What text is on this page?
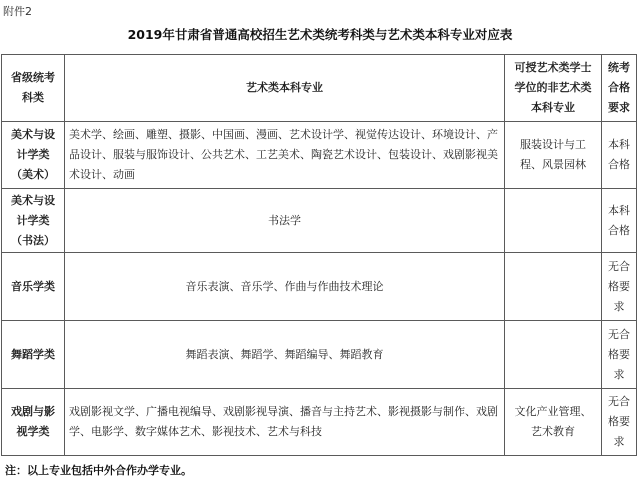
附件2
2019年甘肃省普通高校招生艺术类统考科类与艺术类本科专业对应表
省级统考科类	艺术类本科专业	可授艺术类学士学位的非艺术类本科专业	统考合格要求

美术与设计学类（美术）	美术学、绘画、雕塑、摄影、中国画、漫画、艺术设计学、视觉传达设计、环境设计、产品设计、服装与服饰设计、公共艺术、工艺美术、陶瓷艺术设计、包装设计、戏剧影视美术设计、动画	服装设计与工程、风景园林	本科合格

美术与设计学类（书法）	书法学		本科合格

音乐学类	音乐表演、音乐学、作曲与作曲技术理论		无合格要求

舞蹈学类	舞蹈表演、舞蹈学、舞蹈编导、舞蹈教育		无合格要求

戏剧与影视学类	戏剧影视文学、广播电视编导、戏剧影视导演、播音与主持艺术、影视摄影与制作、戏剧学、电影学、数字媒体艺术、影视技术、艺术与科技	文化产业管理、艺术教育	无合格要求
注：以上专业包括中外合作办学专业。
